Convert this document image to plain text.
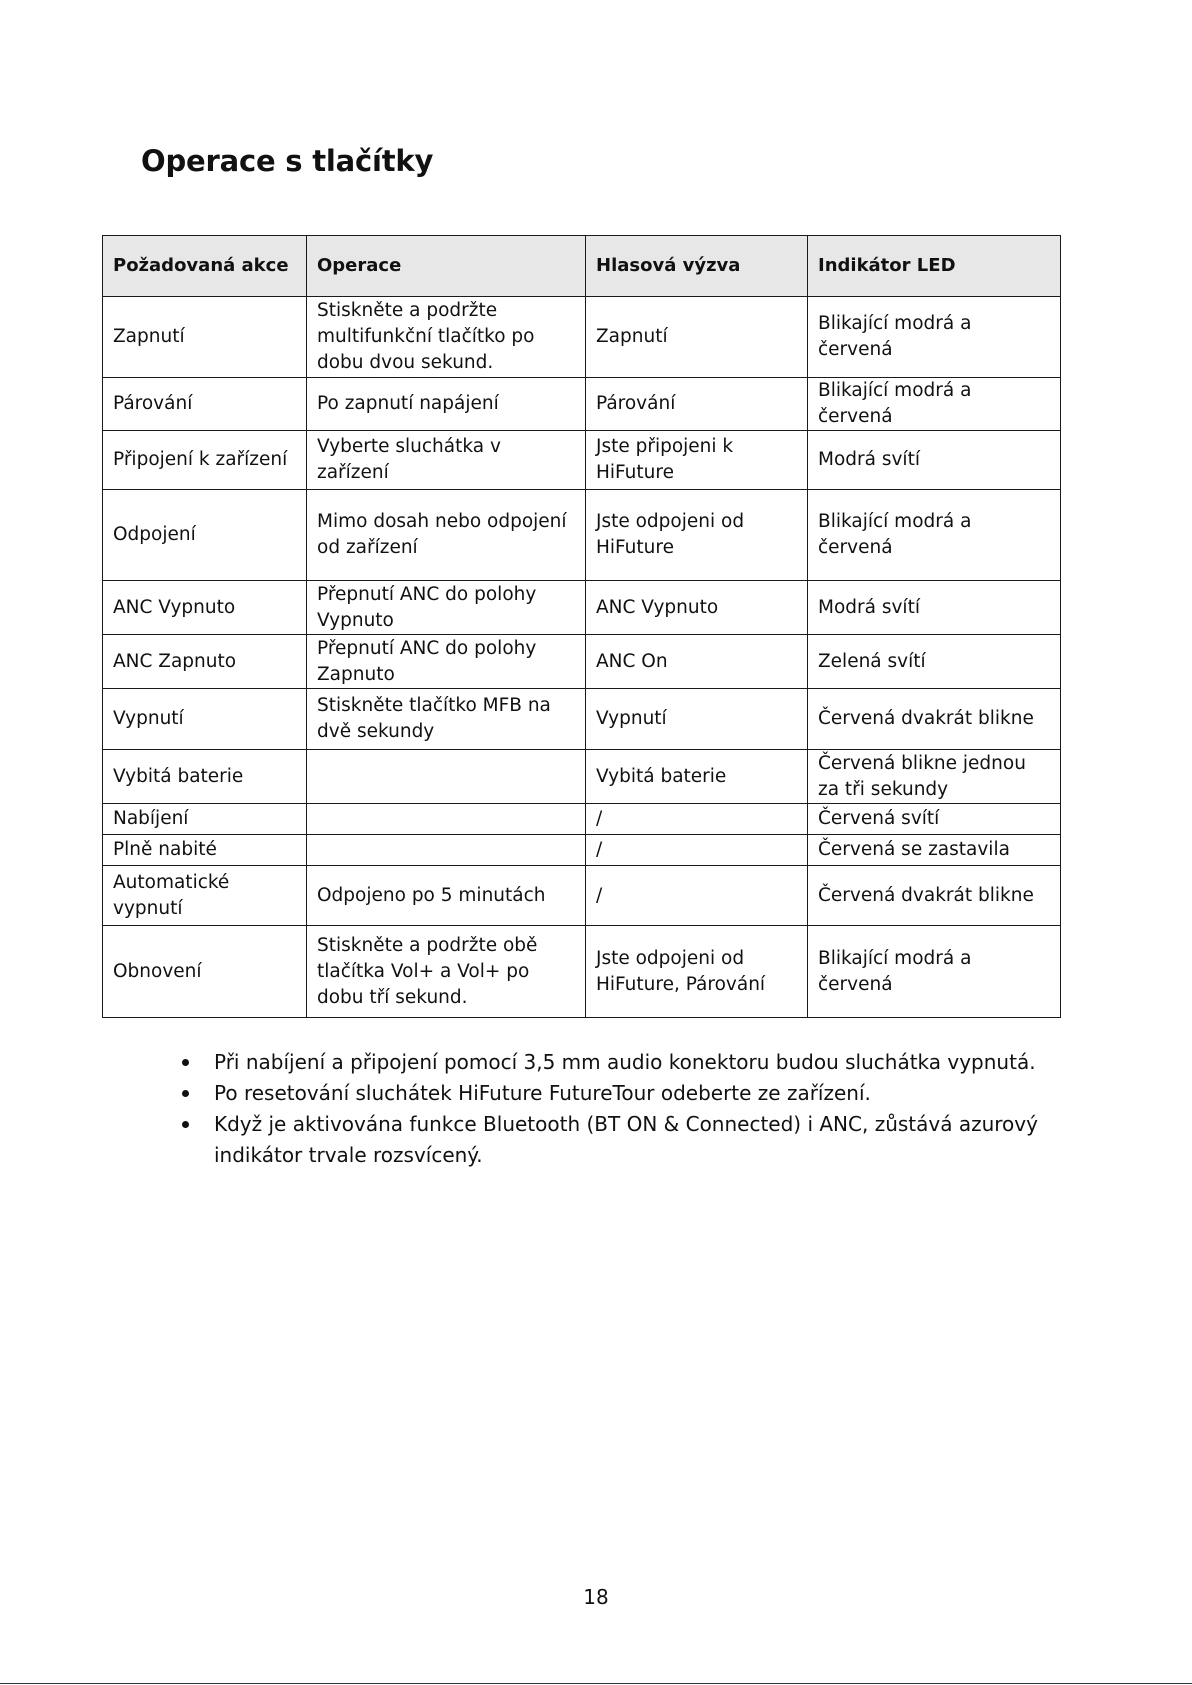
Operace s tlačítky
Požadovaná akce	Operace	Hlasová výzva	Indikátor LED
Zapnutí	Stiskněte a podržte multifunkční tlačítko po dobu dvou sekund.	Zapnutí	Blikající modrá a červená
Párování	Po zapnutí napájení	Párování	Blikající modrá a červená
Připojení k zařízení	Vyberte sluchátka v zařízení	Jste připojeni k HiFuture	Modrá svítí
Odpojení	Mimo dosah nebo odpojení od zařízení	Jste odpojeni od HiFuture	Blikající modrá a červená
ANC Vypnuto	Přepnutí ANC do polohy Vypnuto	ANC Vypnuto	Modrá svítí
ANC Zapnuto	Přepnutí ANC do polohy Zapnuto	ANC On	Zelená svítí
Vypnutí	Stiskněte tlačítko MFB na dvě sekundy	Vypnutí	Červená dvakrát blikne
Vybitá baterie		Vybitá baterie	Červená blikne jednou za tři sekundy
Nabíjení		/	Červená svítí
Plně nabité		/	Červená se zastavila
Automatické vypnutí	Odpojeno po 5 minutách	/	Červená dvakrát blikne
Obnovení	Stiskněte a podržte obě tlačítka Vol+ a Vol+ po dobu tří sekund.	Jste odpojeni od HiFuture, Párování	Blikající modrá a červená
Při nabíjení a připojení pomocí 3,5 mm audio konektoru budou sluchátka vypnutá.
Po resetování sluchátek HiFuture FutureTour odeberte ze zařízení.
Když je aktivována funkce Bluetooth (BT ON & Connected) i ANC, zůstává azurový indikátor trvale rozsvícený.
18
